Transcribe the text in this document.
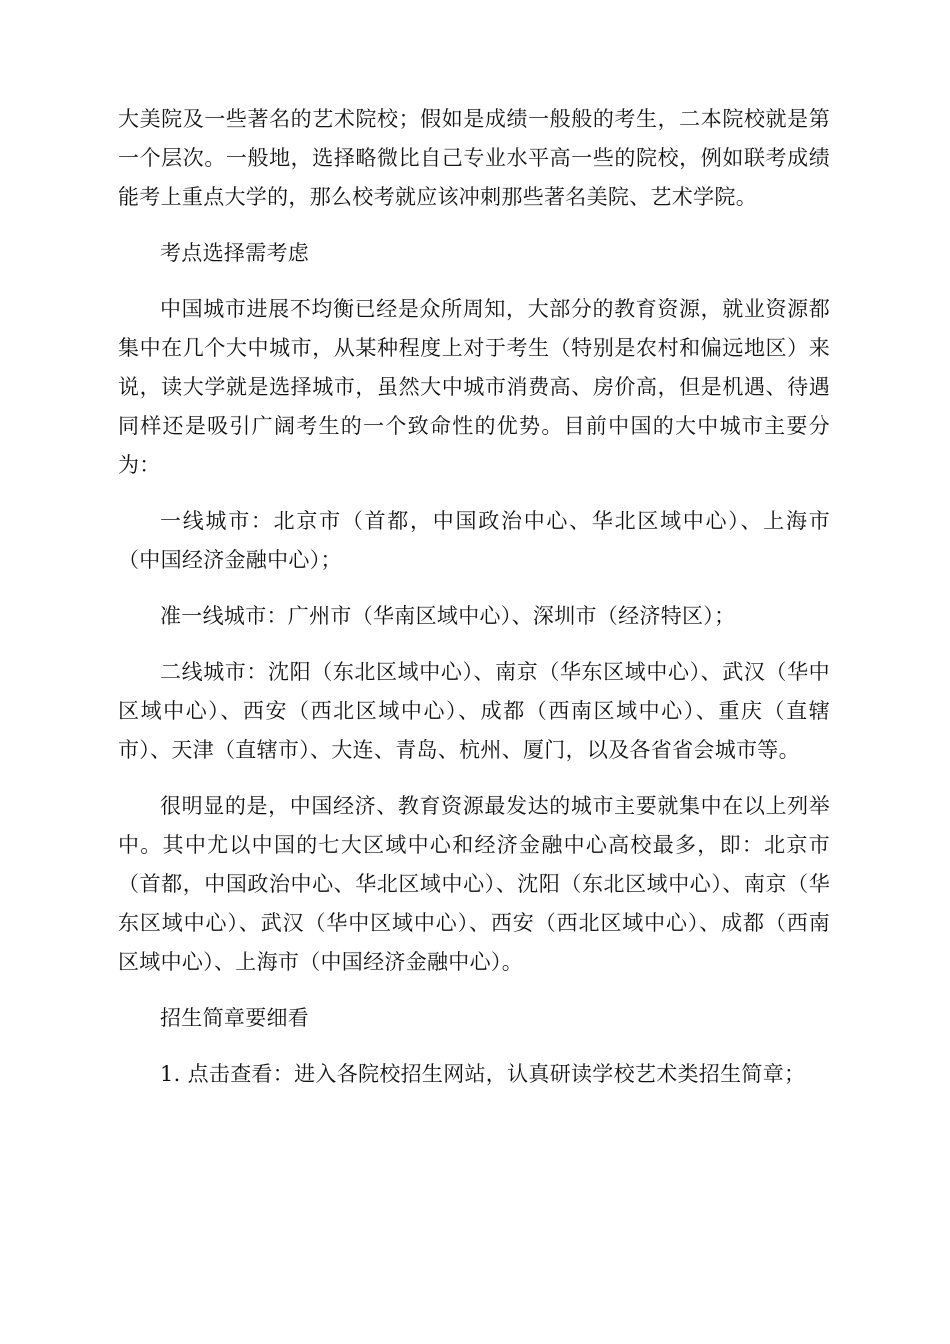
大美院及一些著名的艺术院校；假如是成绩一般般的考生，二本院校就是第一个层次。一般地，选择略微比自己专业水平高一些的院校，例如联考成绩能考上重点大学的，那么校考就应该冲刺那些著名美院、艺术学院。

考点选择需考虑

中国城市进展不均衡已经是众所周知，大部分的教育资源，就业资源都集中在几个大中城市，从某种程度上对于考生（特别是农村和偏远地区）来说，读大学就是选择城市，虽然大中城市消费高、房价高，但是机遇、待遇同样还是吸引广阔考生的一个致命性的优势。目前中国的大中城市主要分为：

一线城市：北京市（首都，中国政治中心、华北区域中心）、上海市（中国经济金融中心）；

准一线城市：广州市（华南区域中心）、深圳市（经济特区）；

二线城市：沈阳（东北区域中心）、南京（华东区域中心）、武汉（华中区域中心）、西安（西北区域中心）、成都（西南区域中心）、重庆（直辖市）、天津（直辖市）、大连、青岛、杭州、厦门，以及各省省会城市等。

很明显的是，中国经济、教育资源最发达的城市主要就集中在以上列举中。其中尤以中国的七大区域中心和经济金融中心高校最多，即：北京市（首都，中国政治中心、华北区域中心）、沈阳（东北区域中心）、南京（华东区域中心）、武汉（华中区域中心）、西安（西北区域中心）、成都（西南区域中心）、上海市（中国经济金融中心）。

招生简章要细看

1. 点击查看：进入各院校招生网站，认真研读学校艺术类招生简章；
